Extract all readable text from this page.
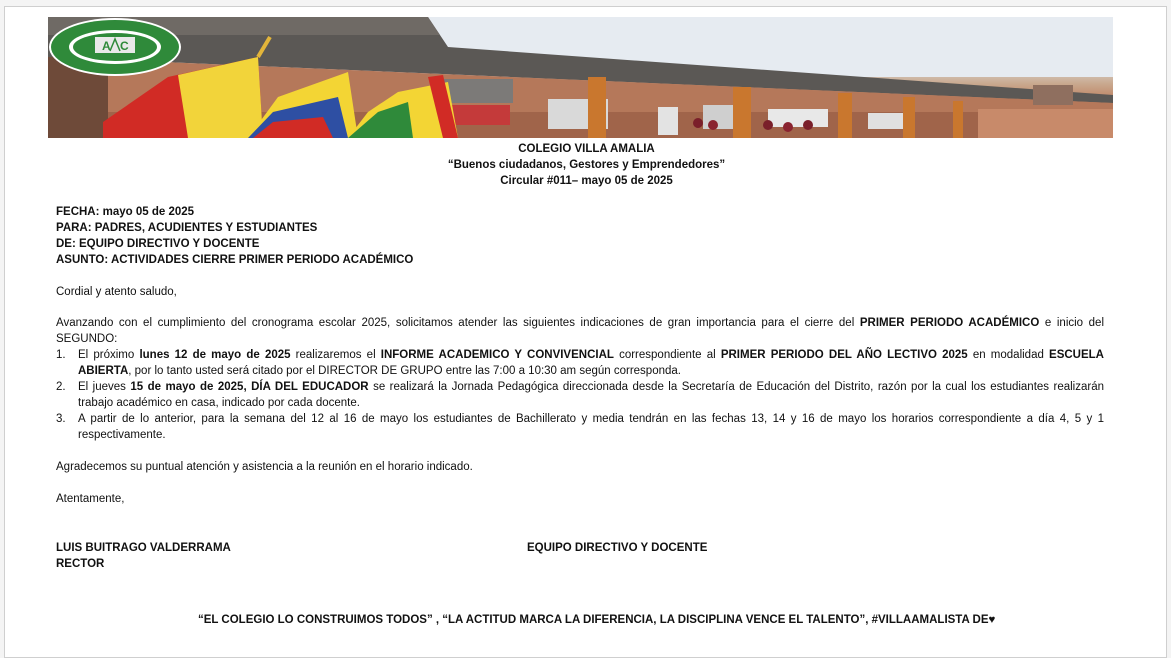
A C
COLEGIO VILLA AMALIA
“Buenos ciudadanos, Gestores y Emprendedores”
Circular #011– mayo 05 de 2025
FECHA: mayo 05 de 2025
PARA: PADRES, ACUDIENTES Y ESTUDIANTES
DE: EQUIPO DIRECTIVO Y DOCENTE
ASUNTO: ACTIVIDADES CIERRE PRIMER PERIODO ACADÉMICO
Cordial y atento saludo,
Avanzando con el cumplimiento del cronograma escolar 2025, solicitamos atender las siguientes indicaciones de gran importancia para el cierre del PRIMER PERIODO ACADÉMICO e inicio del SEGUNDO:
1. El próximo lunes 12 de mayo de 2025 realizaremos el INFORME ACADEMICO Y CONVIVENCIAL correspondiente al PRIMER PERIODO DEL AÑO LECTIVO 2025 en modalidad ESCUELA ABIERTA, por lo tanto usted será citado por el DIRECTOR DE GRUPO entre las 7:00 a 10:30 am según corresponda.
2. El jueves 15 de mayo de 2025, DÍA DEL EDUCADOR se realizará la Jornada Pedagógica direccionada desde la Secretaría de Educación del Distrito, razón por la cual los estudiantes realizarán trabajo académico en casa, indicado por cada docente.
3. A partir de lo anterior, para la semana del 12 al 16 de mayo los estudiantes de Bachillerato y media tendrán en las fechas 13, 14 y 16 de mayo los horarios correspondiente a día 4, 5 y 1 respectivamente.
Agradecemos su puntual atención y asistencia a la reunión en el horario indicado.
Atentamente,
LUIS BUITRAGO VALDERRAMA
RECTOR
EQUIPO DIRECTIVO Y DOCENTE
“EL COLEGIO LO CONSTRUIMOS TODOS” , “LA ACTITUD MARCA LA DIFERENCIA, LA DISCIPLINA VENCE EL TALENTO”, #VILLAAMALISTA DE♥
